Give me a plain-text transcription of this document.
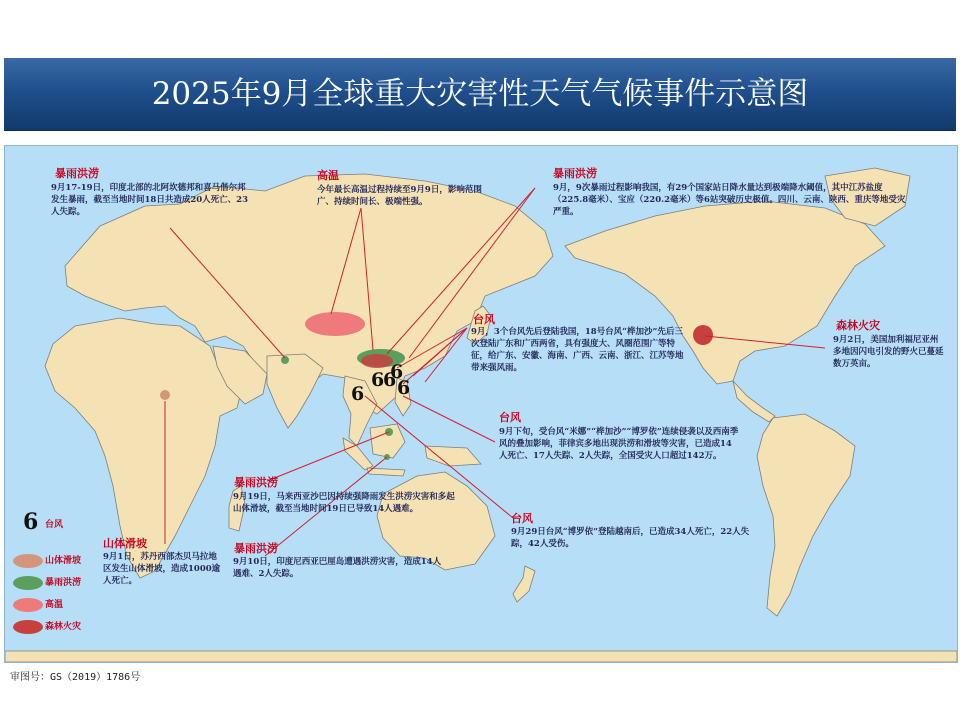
2025年9月全球重大灾害性天气气候事件示意图
6
6
6
6
6
暴雨洪涝
9月17-19日，印度北部的北阿坎德邦和喜马偕尔邦发生暴雨，截至当地时间18日共造成20人死亡、23人失踪。
高温
今年最长高温过程持续至9月9日，影响范围广、持续时间长、极端性强。
暴雨洪涝
9月，9次暴雨过程影响我国，有29个国家站日降水量达到极端降水阈值，其中江苏盐度（225.8毫米）、宝应（220.2毫米）等6站突破历史极值。四川、云南、陕西、重庆等地受灾严重。
台风
9月，3个台风先后登陆我国，18号台风“桦加沙”先后三次登陆广东和广西两省，具有强度大、风圈范围广等特征，给广东、安徽、海南、广西、云南、浙江、江苏等地带来强风雨。
森林火灾
9月2日，美国加利福尼亚州多地因闪电引发的野火已蔓延数万英亩。
台风
9月下旬，受台风“米娜”“桦加沙”“博罗依”连续侵袭以及西南季风的叠加影响，菲律宾多地出现洪涝和滑坡等灾害，已造成14人死亡、17人失踪、2人失踪，全国受灾人口超过142万。
台风
9月29日台风“博罗依”登陆越南后，已造成34人死亡，22人失踪，42人受伤。
暴雨洪涝
9月19日，马来西亚沙巴因持续强降雨发生洪涝灾害和多起山体滑坡，截至当地时间19日已导致14人遇难。
暴雨洪涝
9月10日，印度尼西亚巴厘岛遭遇洪涝灾害，造成14人遇难、2人失踪。
山体滑坡
9月1日，苏丹西部杰贝马拉地区发生山体滑坡，造成1000逾人死亡。
6 台风
山体滑坡
暴雨洪涝
高温
森林火灾
审图号：GS（2019）1786号
